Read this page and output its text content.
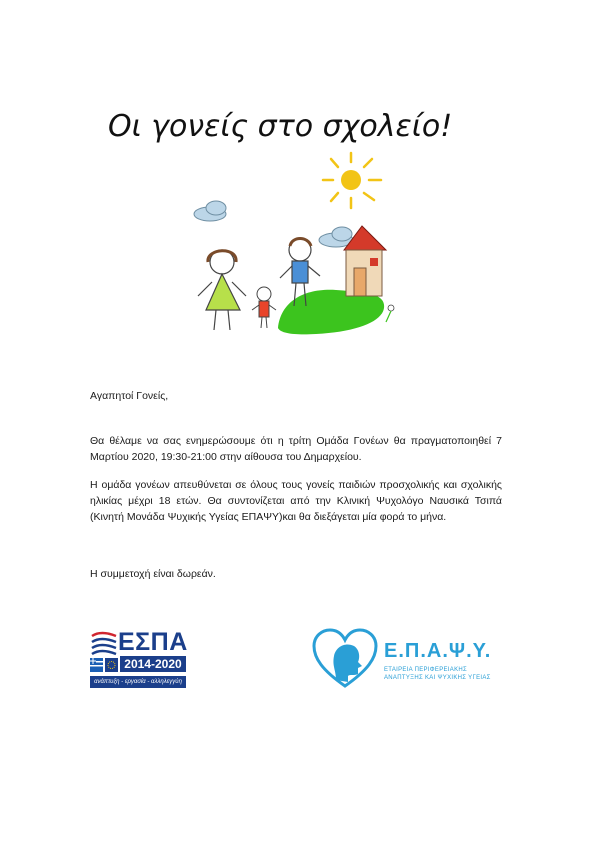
Οι γονείς στο σχολείο!

Αγαπητοί Γονείς,

Θα θέλαμε να σας ενημερώσουμε ότι η τρίτη Ομάδα Γονέων θα πραγματοποιηθεί 7 Μαρτίου 2020, 19:30-21:00 στην αίθουσα του Δημαρχείου.

Η ομάδα γονέων απευθύνεται σε όλους τους γονείς παιδιών προσχολικής και σχολικής ηλικίας μέχρι 18 ετών. Θα συντονίζεται από την Κλινική Ψυχολόγο Ναυσικά Τσιπά (Κινητή Μονάδα Ψυχικής Υγείας ΕΠΑΨΥ)και θα διεξάγεται μία φορά το μήνα.

Η συμμετοχή είναι δωρεάν.

ΕΣΠΑ
2014-2020
ανάπτυξη - εργασία - αλληλεγγύη
Ε.Π.Α.Ψ.Υ.
ΕΤΑΙΡΕΙΑ ΠΕΡΙΦΕΡΕΙΑΚΗΣ
ΑΝΑΠΤΥΞΗΣ ΚΑΙ ΨΥΧΙΚΗΣ ΥΓΕΙΑΣ
